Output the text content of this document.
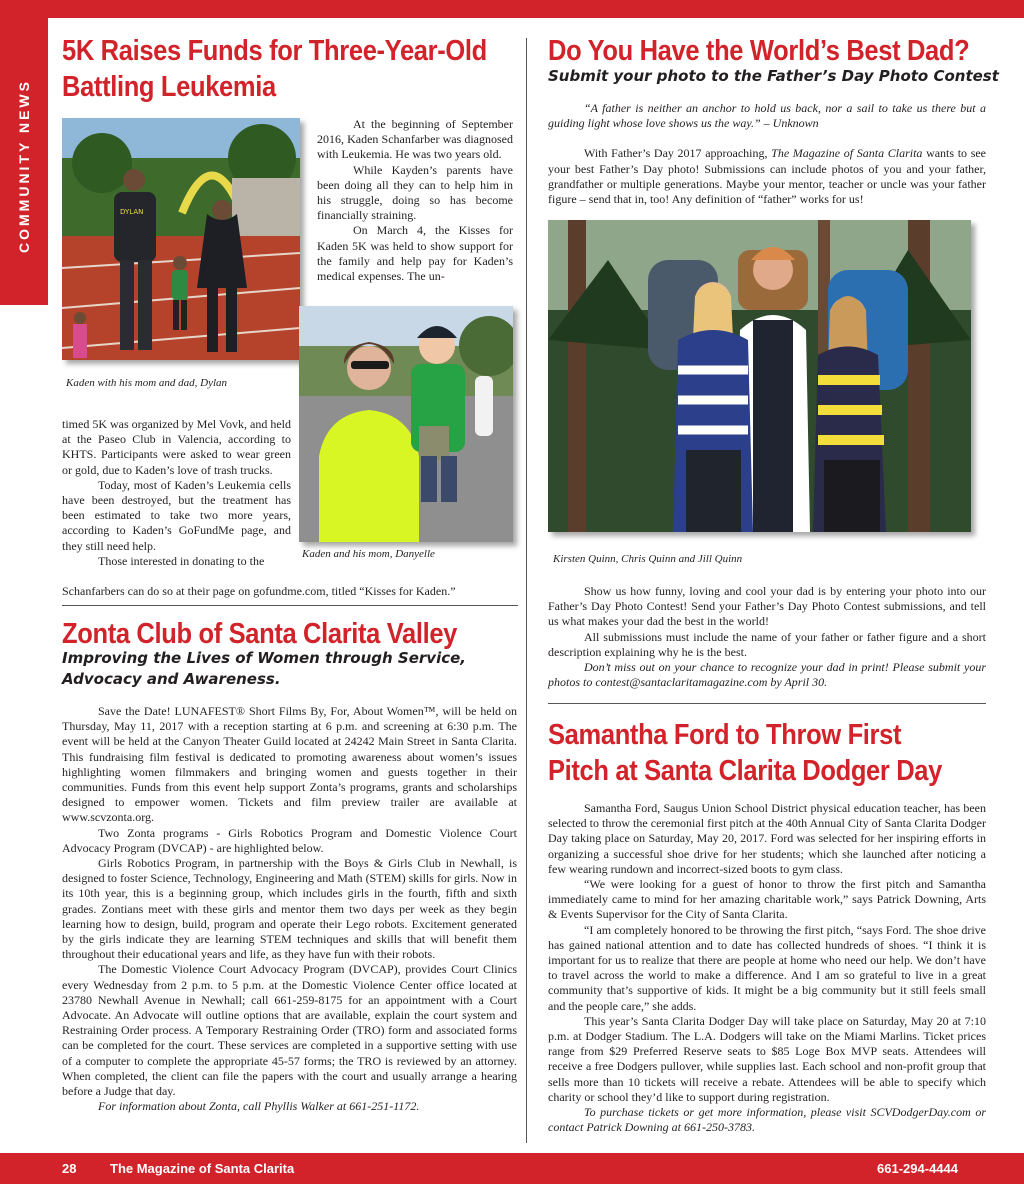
COMMUNITY NEWS
5K Raises Funds for Three-Year-Old
Battling Leukemia
DYLAN
Kaden with his mom and dad, Dylan

At the beginning of September 2016, Kaden Schanfarber was diagnosed with Leukemia. He was two years old.

While Kayden’s parents have been doing all they can to help him in his struggle, doing so has become financially straining.

On March 4, the Kisses for Kaden 5K was held to show support for the family and help pay for Kaden’s medical expenses. The un-

Kaden and his mom, Danyelle

timed 5K was organized by Mel Vovk, and held at the Paseo Club in Valencia, according to KHTS. Participants were asked to wear green or gold, due to Kaden’s love of trash trucks.

Today, most of Kaden’s Leukemia cells have been destroyed, but the treatment has been estimated to take two more years, according to Kaden’s GoFundMe page, and they still need help.

Those interested in donating to the

Schanfarbers can do so at their page on gofundme.com, titled “Kisses for Kaden.”

Zonta Club of Santa Clarita Valley
Improving the Lives of Women through Service,
Advocacy and Awareness.

Save the Date! LUNAFEST® Short Films By, For, About Women™, will be held on Thursday, May 11, 2017 with a reception starting at 6 p.m. and screening at 6:30 p.m. The event will be held at the Canyon Theater Guild located at 24242 Main Street in Santa Clarita. This fundraising film festival is dedicated to promoting awareness about women’s issues highlighting women filmmakers and bringing women and guests together in their communities. Funds from this event help support Zonta’s programs, grants and scholarships designed to empower women. Tickets and film preview trailer are available at www.scvzonta.org.

Two Zonta programs - Girls Robotics Program and Domestic Violence Court Advocacy Program (DVCAP) - are highlighted below.

Girls Robotics Program, in partnership with the Boys & Girls Club in Newhall, is designed to foster Science, Technology, Engineering and Math (STEM) skills for girls. Now in its 10th year, this is a beginning group, which includes girls in the fourth, fifth and sixth grades. Zontians meet with these girls and mentor them two days per week as they begin learning how to design, build, program and operate their Lego robots. Excitement generated by the girls indicate they are learning STEM techniques and skills that will benefit them throughout their educational years and life, as they have fun with their robots.

The Domestic Violence Court Advocacy Program (DVCAP), provides Court Clinics every Wednesday from 2 p.m. to 5 p.m. at the Domestic Violence Center office located at 23780 Newhall Avenue in Newhall; call 661-259-8175 for an appointment with a Court Advocate. An Advocate will outline options that are available, explain the court system and Restraining Order process. A Temporary Restraining Order (TRO) form and associated forms can be completed for the court. These services are completed in a supportive setting with use of a computer to complete the appropriate 45-57 forms; the TRO is reviewed by an attorney. When completed, the client can file the papers with the court and usually arrange a hearing before a Judge that day.

For information about Zonta, call Phyllis Walker at 661-251-1172.

Do You Have the World’s Best Dad?
Submit your photo to the Father’s Day Photo Contest

“A father is neither an anchor to hold us back, nor a sail to take us there but a guiding light whose love shows us the way.” – Unknown

With Father’s Day 2017 approaching, The Magazine of Santa Clarita wants to see your best Father’s Day photo! Submissions can include photos of you and your father, grandfather or multiple generations. Maybe your mentor, teacher or uncle was your father figure – send that in, too! Any definition of “father” works for us!

Kirsten Quinn, Chris Quinn and Jill Quinn

Show us how funny, loving and cool your dad is by entering your photo into our Father’s Day Photo Contest! Send your Father’s Day Photo Contest submissions, and tell us what makes your dad the best in the world!

All submissions must include the name of your father or father figure and a short description explaining why he is the best.

Don’t miss out on your chance to recognize your dad in print! Please submit your photos to contest@santaclaritamagazine.com by April 30.

Samantha Ford to Throw First
Pitch at Santa Clarita Dodger Day

Samantha Ford, Saugus Union School District physical education teacher, has been selected to throw the ceremonial first pitch at the 40th Annual City of Santa Clarita Dodger Day taking place on Saturday, May 20, 2017. Ford was selected for her inspiring efforts in organizing a successful shoe drive for her students; which she launched after noticing a few wearing rundown and incorrect-sized boots to gym class.

“We were looking for a guest of honor to throw the first pitch and Samantha immediately came to mind for her amazing charitable work,” says Patrick Downing, Arts & Events Supervisor for the City of Santa Clarita.

“I am completely honored to be throwing the first pitch, “says Ford. The shoe drive has gained national attention and to date has collected hundreds of shoes. “I think it is important for us to realize that there are people at home who need our help. We don’t have to travel across the world to make a difference. And I am so grateful to live in a great community that’s supportive of kids. It might be a big community but it still feels small and the people care,” she adds.

This year’s Santa Clarita Dodger Day will take place on Saturday, May 20 at 7:10 p.m. at Dodger Stadium. The L.A. Dodgers will take on the Miami Marlins. Ticket prices range from $29 Preferred Reserve seats to $85 Loge Box MVP seats. Attendees will receive a free Dodgers pullover, while supplies last. Each school and non-profit group that sells more than 10 tickets will receive a rebate. Attendees will be able to specify which charity or school they’d like to support during registration.

To purchase tickets or get more information, please visit SCVDodgerDay.com or contact Patrick Downing at 661-250-3783.

28	The Magazine of Santa Clarita	661-294-4444
